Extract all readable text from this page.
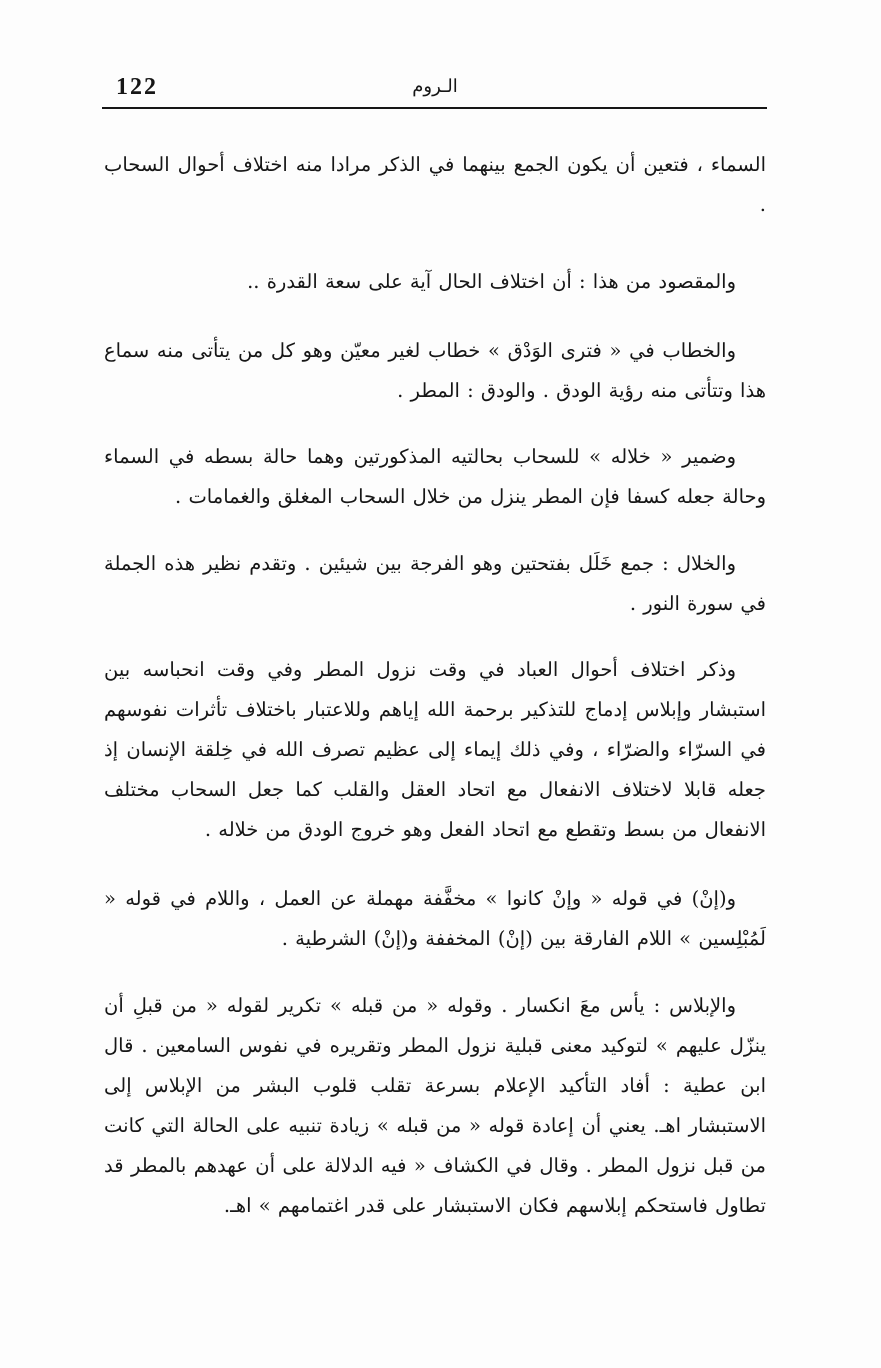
122	الـروم

السماء ، فتعين أن يكون الجمع بينهما في الذكر مرادا منه اختلاف أحوال السحاب .

والمقصود من هذا : أن اختلاف الحال آية على سعة القدرة ..

والخطاب في « فترى الوَدْق » خطاب لغير معيّن وهو كل من يتأتى منه سماع هذا وتتأتى منه رؤية الودق . والودق : المطر .

وضمير « خلاله » للسحاب بحالتيه المذكورتين وهما حالة بسطه في السماء وحالة جعله كسفا فإن المطر ينزل من خلال السحاب المغلق والغمامات .

والخلال : جمع خَلَل بفتحتين وهو الفرجة بين شيئين . وتقدم نظير هذه الجملة في سورة النور .

وذكر اختلاف أحوال العباد في وقت نزول المطر وفي وقت انحباسه بين استبشار وإبلاس إدماج للتذكير برحمة الله إياهم وللاعتبار باختلاف تأثرات نفوسهم في السرّاء والضرّاء ، وفي ذلك إيماء إلى عظيم تصرف الله في خِلقة الإنسان إذ جعله قابلا لاختلاف الانفعال مع اتحاد العقل والقلب كما جعل السحاب مختلف الانفعال من بسط وتقطع مع اتحاد الفعل وهو خروج الودق من خلاله .

و(إنْ) في قوله « وإنْ كانوا » مخفَّفة مهملة عن العمل ، واللام في قوله « لَمُبْلِسين » اللام الفارقة بين (إنْ) المخففة و(إنْ) الشرطية .

والإبلاس : يأس معَ انكسار . وقوله « من قبله » تكرير لقوله « من قبلِ أن ينزّل عليهم » لتوكيد معنى قبلية نزول المطر وتقريره في نفوس السامعين . قال ابن عطية : أفاد التأكيد الإعلام بسرعة تقلب قلوب البشر من الإبلاس إلى الاستبشار اهـ. يعني أن إعادة قوله « من قبله » زيادة تنبيه على الحالة التي كانت من قبل نزول المطر . وقال في الكشاف « فيه الدلالة على أن عهدهم بالمطر قد تطاول فاستحكم إبلاسهم فكان الاستبشار على قدر اغتمامهم » اهـ.
